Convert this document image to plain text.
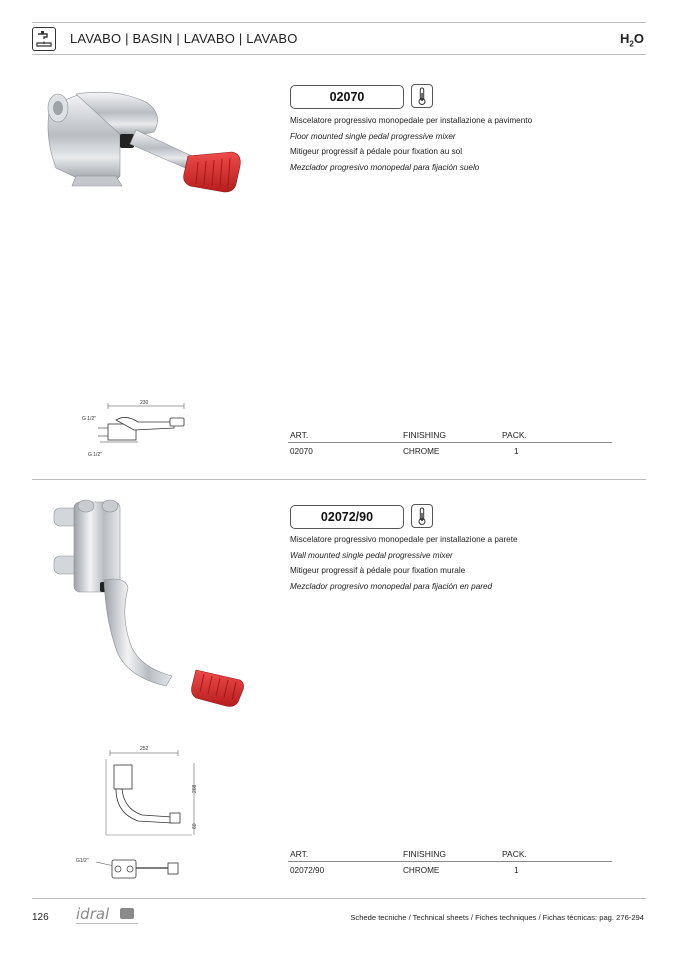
LAVABO | BASIN | LAVABO | LAVABO	$H_2O$
02070
Miscelatore progressivo monopedale per installazione a pavimento
Floor mounted single pedal progressive mixer
Mitigeur progressif à pédale pour fixation au sol
Mezclador progresivo monopedal para fijación suelo
230
G 1/2"
G 1/2"
ART.	FINISHING	PACK.
02070	CHROME	1
02072/90
Miscelatore progressivo monopedale per installazione a parete
Wall mounted single pedal progressive mixer
Mitigeur progressif à pédale pour fixation murale
Mezclador progresivo monopedal para fijación en pared
252
208
60
G1/2"
ART.	FINISHING	PACK.
02072/90	CHROME	1
126 idral	Schede tecniche / Technical sheets / Fiches techniques / Fichas técnicas: pag. 276-294
